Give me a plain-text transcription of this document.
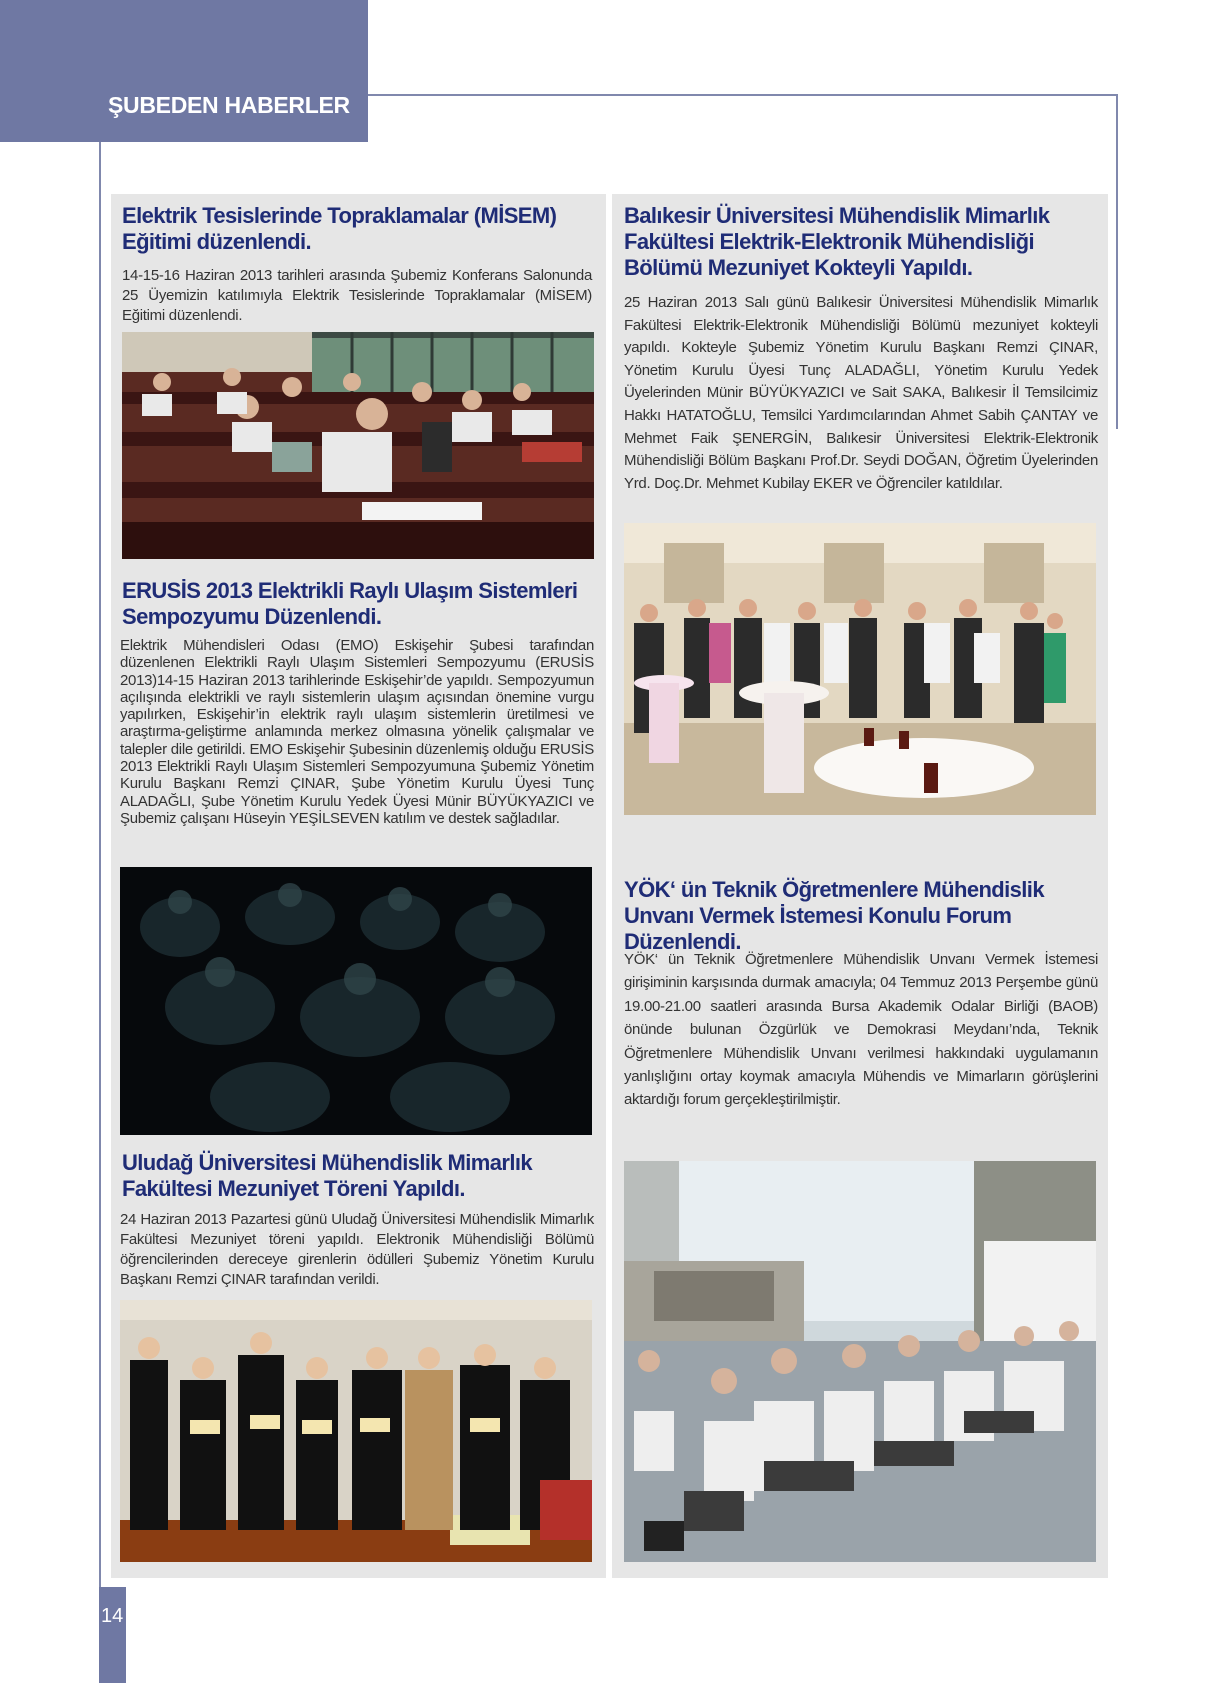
ŞUBEDEN HABERLER
Elektrik Tesislerinde Topraklamalar (MİSEM) Eğitimi düzenlendi.

14-15-16 Haziran 2013 tarihleri arasında Şubemiz Konferans Salonunda 25 Üyemizin katılımıyla Elektrik Tesislerinde Topraklamalar (MİSEM) Eğitimi düzenlendi.

ERUSİS 2013 Elektrikli Raylı Ulaşım Sistemleri Sempozyumu Düzenlendi.

Elektrik Mühendisleri Odası (EMO) Eskişehir Şubesi tarafından düzenlenen Elektrikli Raylı Ulaşım Sistemleri Sempozyumu (ERUSİS 2013)14-15 Haziran 2013 tarihlerinde Eskişehir’de yapıldı. Sempozyumun açılışında elektrikli ve raylı sistemlerin ulaşım açısından önemine vurgu yapılırken, Eskişehir’in elektrik raylı ulaşım sistemlerin üretilmesi ve araştırma-geliştirme anlamında merkez olmasına yönelik çalışmalar ve talepler dile getirildi. EMO Eskişehir Şubesinin düzenlemiş olduğu ERUSİS 2013 Elektrikli Raylı Ulaşım Sistemleri Sempozyumuna Şubemiz Yönetim Kurulu Başkanı Remzi ÇINAR, Şube Yönetim Kurulu Üyesi Tunç ALADAĞLI, Şube Yönetim Kurulu Yedek Üyesi Münir BÜYÜKYAZICI ve Şubemiz çalışanı Hüseyin YEŞİLSEVEN katılım ve destek sağladılar.

Uludağ Üniversitesi Mühendislik Mimarlık Fakültesi Mezuniyet Töreni Yapıldı.

24 Haziran 2013 Pazartesi günü Uludağ Üniversitesi Mühendislik Mimarlık Fakültesi Mezuniyet töreni yapıldı. Elektronik Mühendisliği Bölümü öğrencilerinden dereceye girenlerin ödülleri Şubemiz Yönetim Kurulu Başkanı Remzi ÇINAR tarafından verildi.

Balıkesir Üniversitesi Mühendislik Mimarlık Fakültesi Elektrik-Elektronik Mühendisliği Bölümü Mezuniyet Kokteyli Yapıldı.

25 Haziran 2013 Salı günü Balıkesir Üniversitesi Mühendislik Mimarlık Fakültesi Elektrik-Elektronik Mühendisliği Bölümü mezuniyet kokteyli yapıldı. Kokteyle Şubemiz Yönetim Kurulu Başkanı Remzi ÇINAR, Yönetim Kurulu Üyesi Tunç ALADAĞLI, Yönetim Kurulu Yedek Üyelerinden Münir BÜYÜKYAZICI ve Sait SAKA, Balıkesir İl Temsilcimiz Hakkı HATATOĞLU, Temsilci Yardımcılarından Ahmet Sabih ÇANTAY ve Mehmet Faik ŞENERGİN, Balıkesir Üniversitesi Elektrik-Elektronik Mühendisliği Bölüm Başkanı Prof.Dr. Seydi DOĞAN, Öğretim Üyelerinden Yrd. Doç.Dr. Mehmet Kubilay EKER ve Öğrenciler katıldılar.

YÖK‘ ün Teknik Öğretmenlere Mühendislik Unvanı Vermek İstemesi Konulu Forum Düzenlendi.

YÖK‘ ün Teknik Öğretmenlere Mühendislik Unvanı Vermek İstemesi girişiminin karşısında durmak amacıyla; 04 Temmuz 2013 Perşembe günü 19.00-21.00 saatleri arasında Bursa Akademik Odalar Birliği (BAOB) önünde bulunan Özgürlük ve Demokrasi Meydanı’nda, Teknik Öğretmenlere Mühendislik Unvanı verilmesi hakkındaki uygulamanın yanlışlığını ortay koymak amacıyla Mühendis ve Mimarların görüşlerini aktardığı forum gerçekleştirilmiştir.

14
